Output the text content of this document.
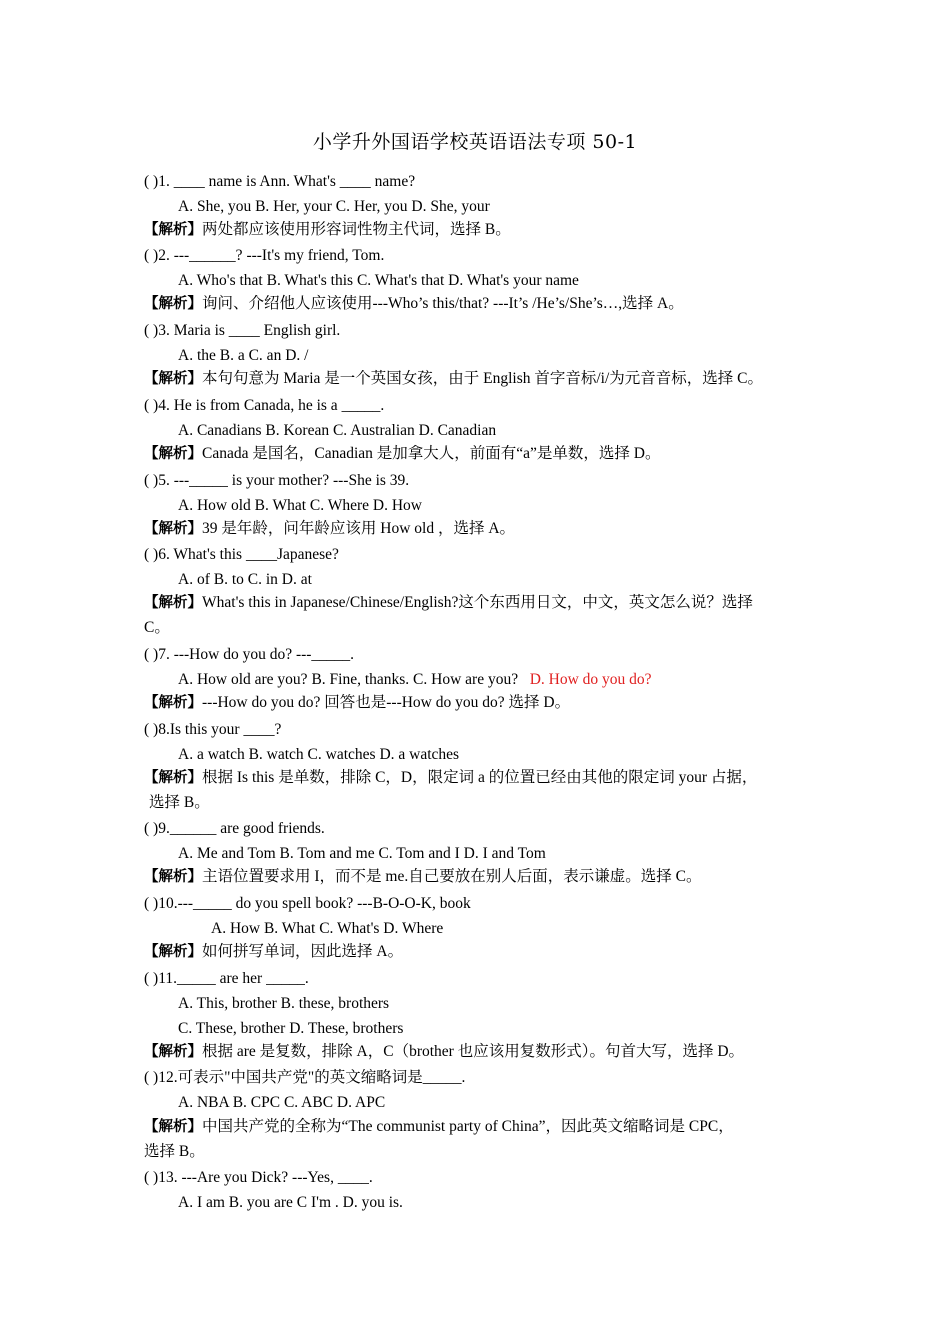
小学升外国语学校英语语法专项 50-1
( )1. ____ name is Ann. What's ____ name?
A. She, you B. Her, your C. Her, you D. She, your
【解析】两处都应该使用形容词性物主代词，选择 B。
( )2. ---______? ---It's my friend, Tom.
A. Who's that B. What's this C. What's that D. What's your name
【解析】询问、介绍他人应该使用---Who’s this/that? ---It’s /He’s/She’s…,选择 A。
( )3. Maria is ____ English girl.
A. the B. a C. an D. /
【解析】本句句意为 Maria 是一个英国女孩，由于 English 首字音标/i/为元音音标，选择 C。
( )4. He is from Canada, he is a _____.
A. Canadians B. Korean C. Australian D. Canadian
【解析】Canada 是国名，Canadian 是加拿大人，前面有“a”是单数，选择 D。
( )5. ---_____ is your mother? ---She is 39.
A. How old B. What C. Where D. How
【解析】39 是年龄，问年龄应该用 How old ，选择 A。
( )6. What's this ____Japanese?
A. of B. to C. in D. at
【解析】What's this in Japanese/Chinese/English?这个东西用日文，中文，英文怎么说？选择
C。
( )7. ---How do you do? ---_____.
A. How old are you? B. Fine, thanks. C. How are you? D. How do you do?
【解析】---How do you do? 回答也是---How do you do? 选择 D。
( )8.Is this your ____?
A. a watch B. watch C. watches D. a watches
【解析】根据 Is this 是单数，排除 C，D，限定词 a 的位置已经由其他的限定词 your 占据，
选择 B。
( )9.______ are good friends.
A. Me and Tom B. Tom and me C. Tom and I D. I and Tom
【解析】主语位置要求用 I，而不是 me.自己要放在别人后面，表示谦虚。选择 C。
( )10.---_____ do you spell book? ---B-O-O-K, book
A. How B. What C. What's D. Where
【解析】如何拼写单词，因此选择 A。
( )11._____ are her _____.
A. This, brother B. these, brothers
C. These, brother D. These, brothers
【解析】根据 are 是复数，排除 A，C（brother 也应该用复数形式）。句首大写，选择 D。
( )12.可表示"中国共产党"的英文缩略词是_____.
A. NBA B. CPC C. ABC D. APC
【解析】中国共产党的全称为“The communist party of China”，因此英文缩略词是 CPC，
选择 B。
( )13. ---Are you Dick? ---Yes, ____.
A. I am B. you are C I'm . D. you is.
